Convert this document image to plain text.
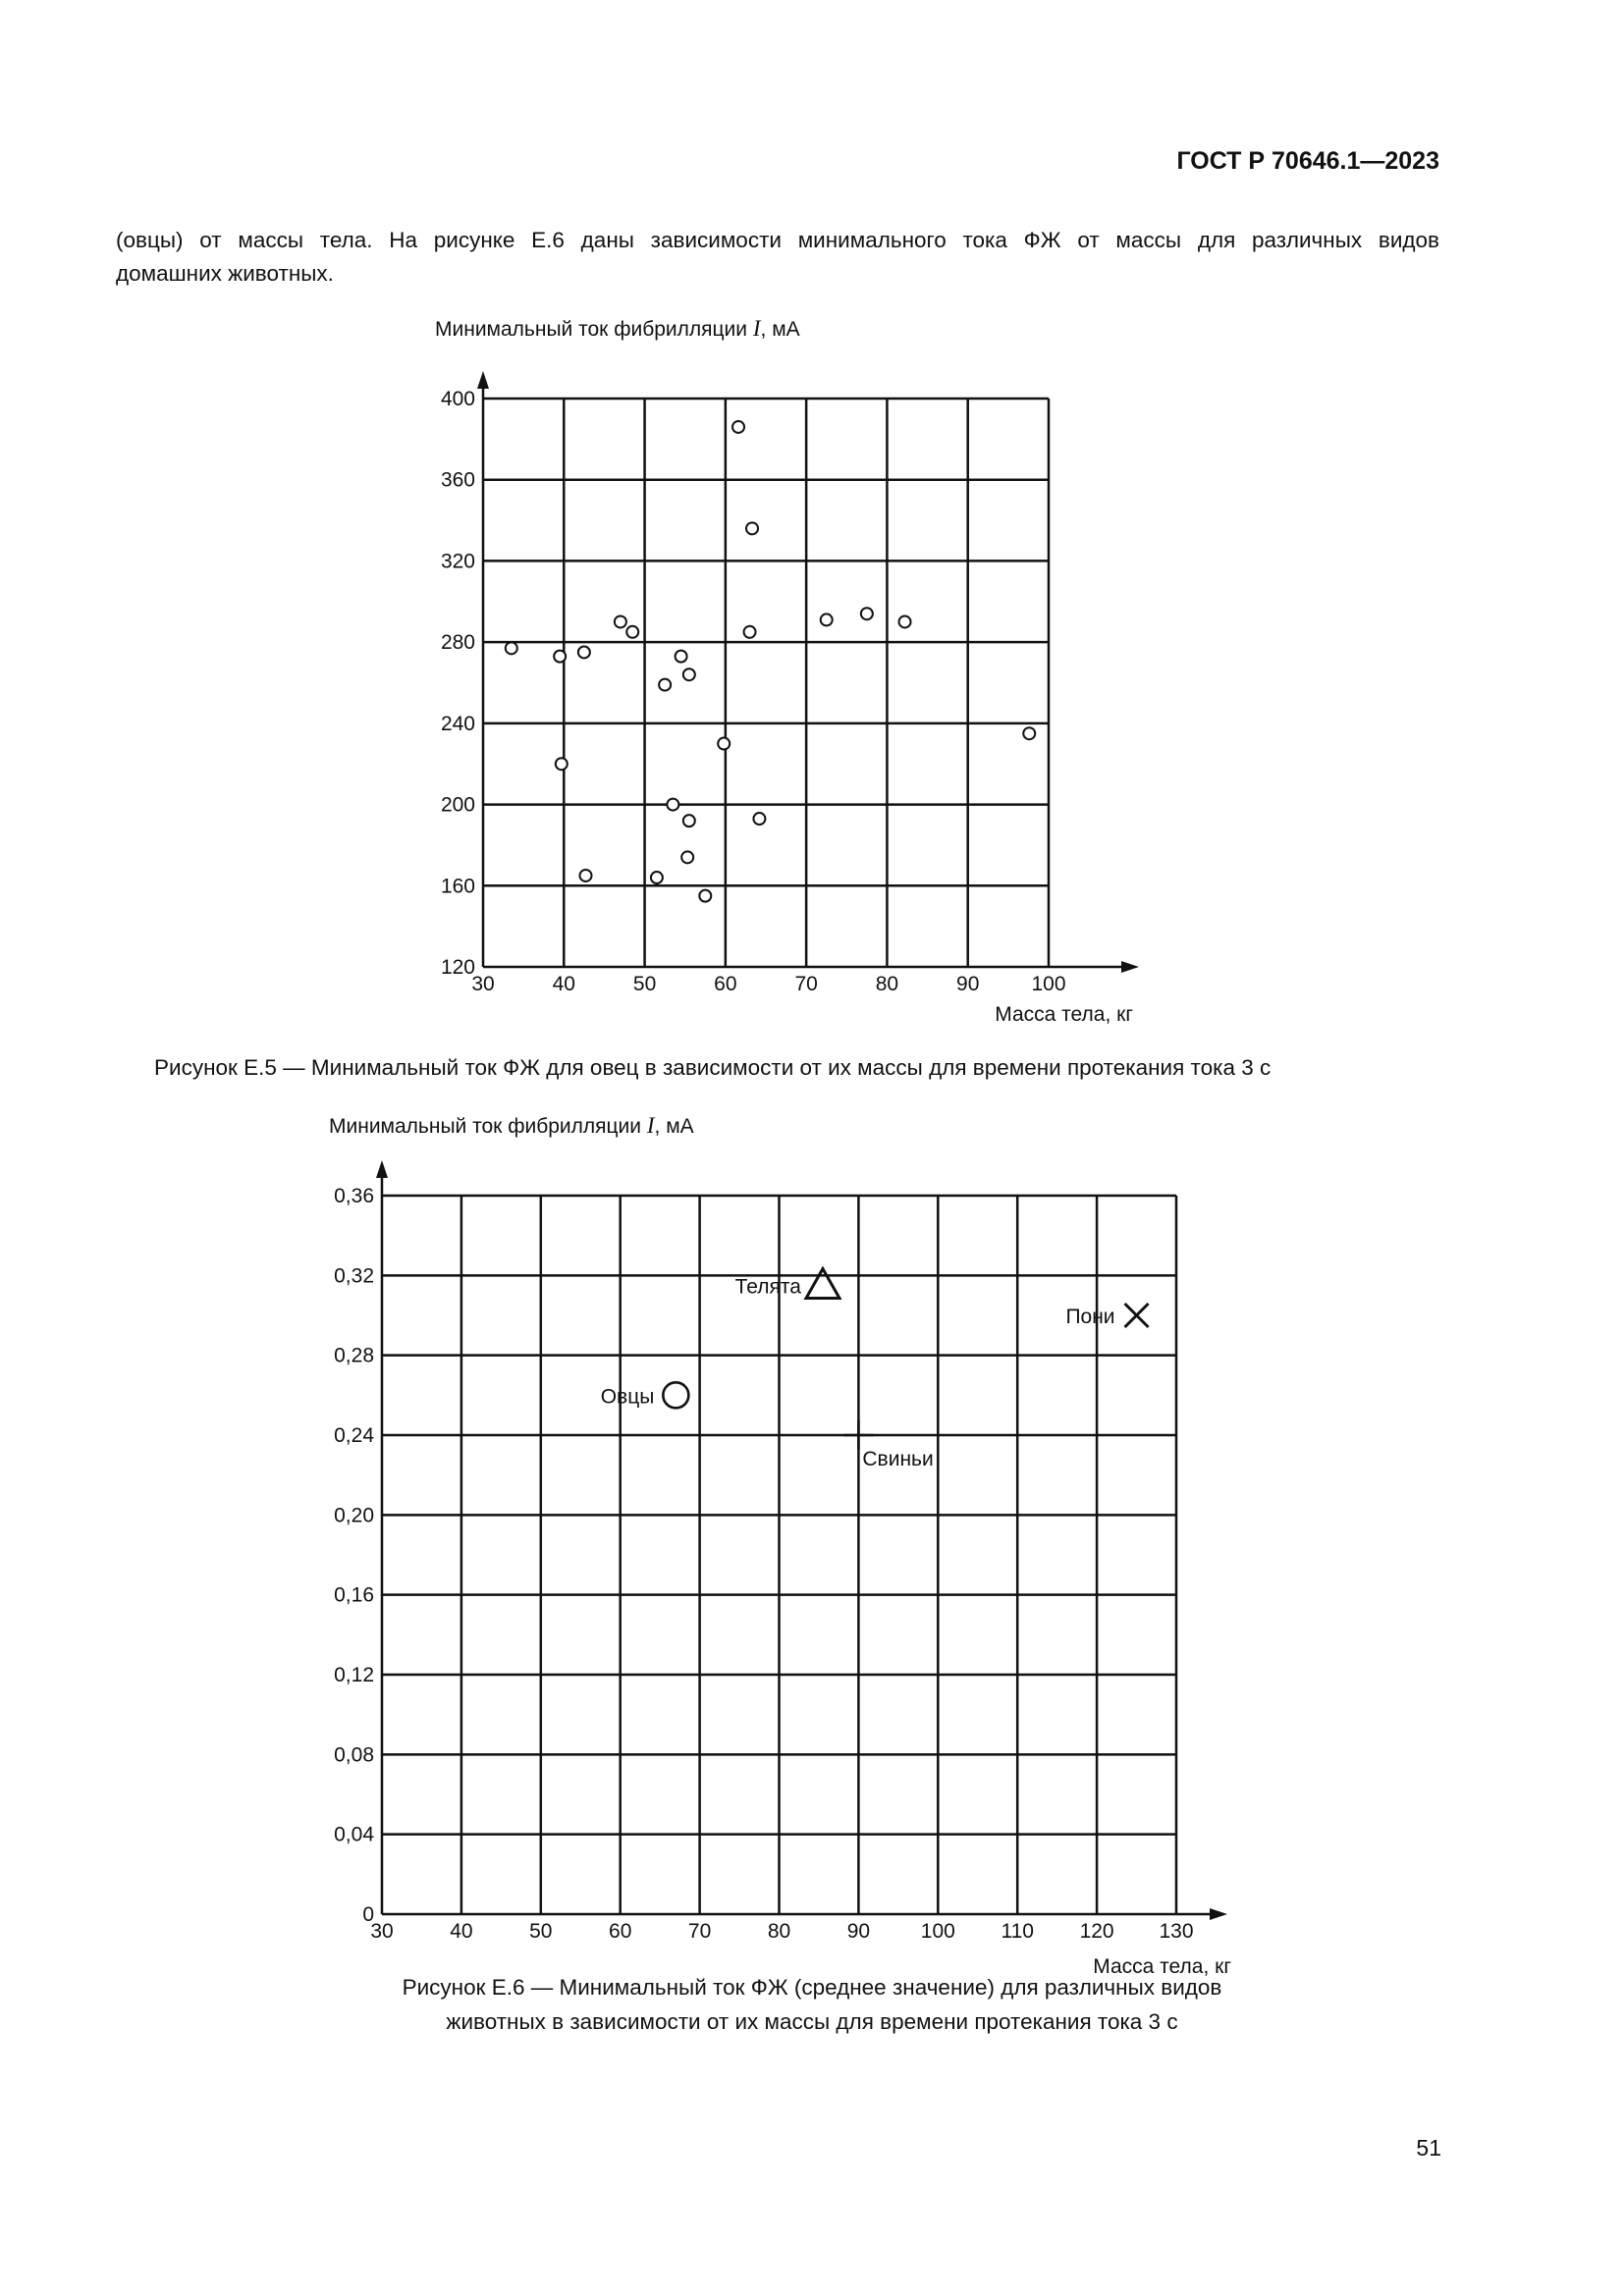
ГОСТ Р 70646.1—2023
(овцы) от массы тела. На рисунке Е.6 даны зависимости минимального тока ФЖ от массы для различных видов
домашних животных.
30	40	50	60	70	80	90	100
120
160
200
240
280
320
360
400
Минимальный ток фибрилляции I, мА
Масса тела, кг
Рисунок Е.5 — Минимальный ток ФЖ для овец в зависимости от их массы для времени протекания тока 3 с
30	40	50	60	70	80	90 100 110 120 130
0
0,04
0,08
0,12
0,16
0,20
0,24
0,28
0,32
0,36
Минимальный ток фибрилляции I, мА
Масса тела, кг
Овцы
Телята
Свиньи
Пони
Рисунок Е.6 — Минимальный ток ФЖ (среднее значение) для различных видов
животных в зависимости от их массы для времени протекания тока 3 с
51
